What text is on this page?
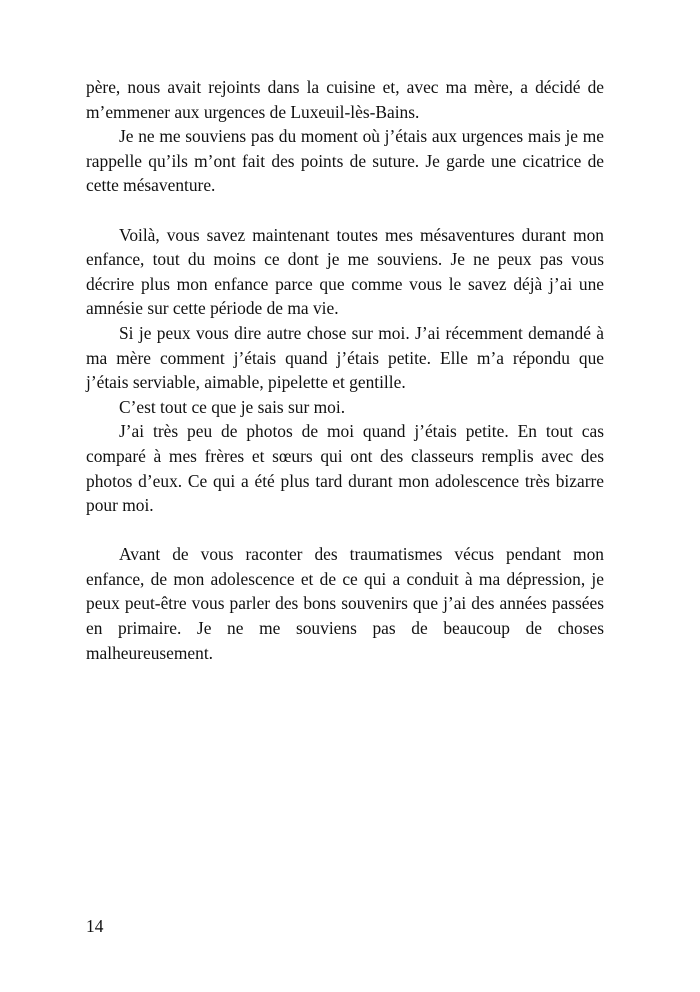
père, nous avait rejoints dans la cuisine et, avec ma mère, a décidé de m’emmener aux urgences de Luxeuil-lès-Bains.

Je ne me souviens pas du moment où j’étais aux urgences mais je me rappelle qu’ils m’ont fait des points de suture. Je garde une cicatrice de cette mésaventure.

Voilà, vous savez maintenant toutes mes mésaventures durant mon enfance, tout du moins ce dont je me souviens. Je ne peux pas vous décrire plus mon enfance parce que comme vous le savez déjà j’ai une amnésie sur cette période de ma vie.

Si je peux vous dire autre chose sur moi. J’ai récemment demandé à ma mère comment j’étais quand j’étais petite. Elle m’a répondu que j’étais serviable, aimable, pipelette et gentille.

C’est tout ce que je sais sur moi.

J’ai très peu de photos de moi quand j’étais petite. En tout cas comparé à mes frères et sœurs qui ont des classeurs remplis avec des photos d’eux. Ce qui a été plus tard durant mon adolescence très bizarre pour moi.

Avant de vous raconter des traumatismes vécus pendant mon enfance, de mon adolescence et de ce qui a conduit à ma dépression, je peux peut-être vous parler des bons souvenirs que j’ai des années passées en primaire. Je ne me souviens pas de beaucoup de choses malheureusement.

14
